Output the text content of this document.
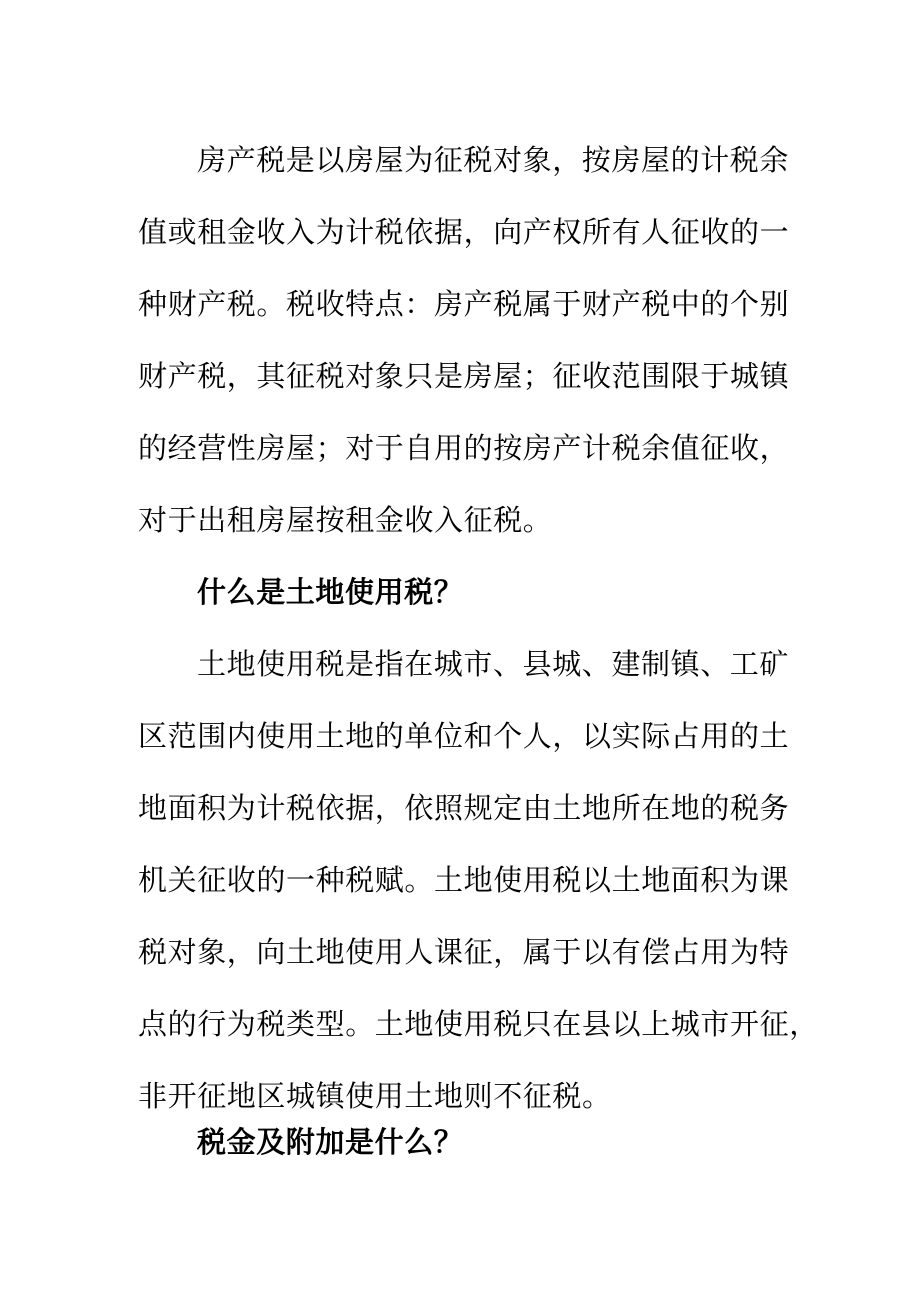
房产税是以房屋为征税对象，按房屋的计税余
值或租金收入为计税依据，向产权所有人征收的一
种财产税。税收特点：房产税属于财产税中的个别
财产税，其征税对象只是房屋；征收范围限于城镇
的经营性房屋；对于自用的按房产计税余值征收，
对于出租房屋按租金收入征税。
什么是土地使用税？
土地使用税是指在城市、县城、建制镇、工矿
区范围内使用土地的单位和个人，以实际占用的土
地面积为计税依据，依照规定由土地所在地的税务
机关征收的一种税赋。土地使用税以土地面积为课
税对象，向土地使用人课征，属于以有偿占用为特
点的行为税类型。土地使用税只在县以上城市开征，
非开征地区城镇使用土地则不征税。
税金及附加是什么？
